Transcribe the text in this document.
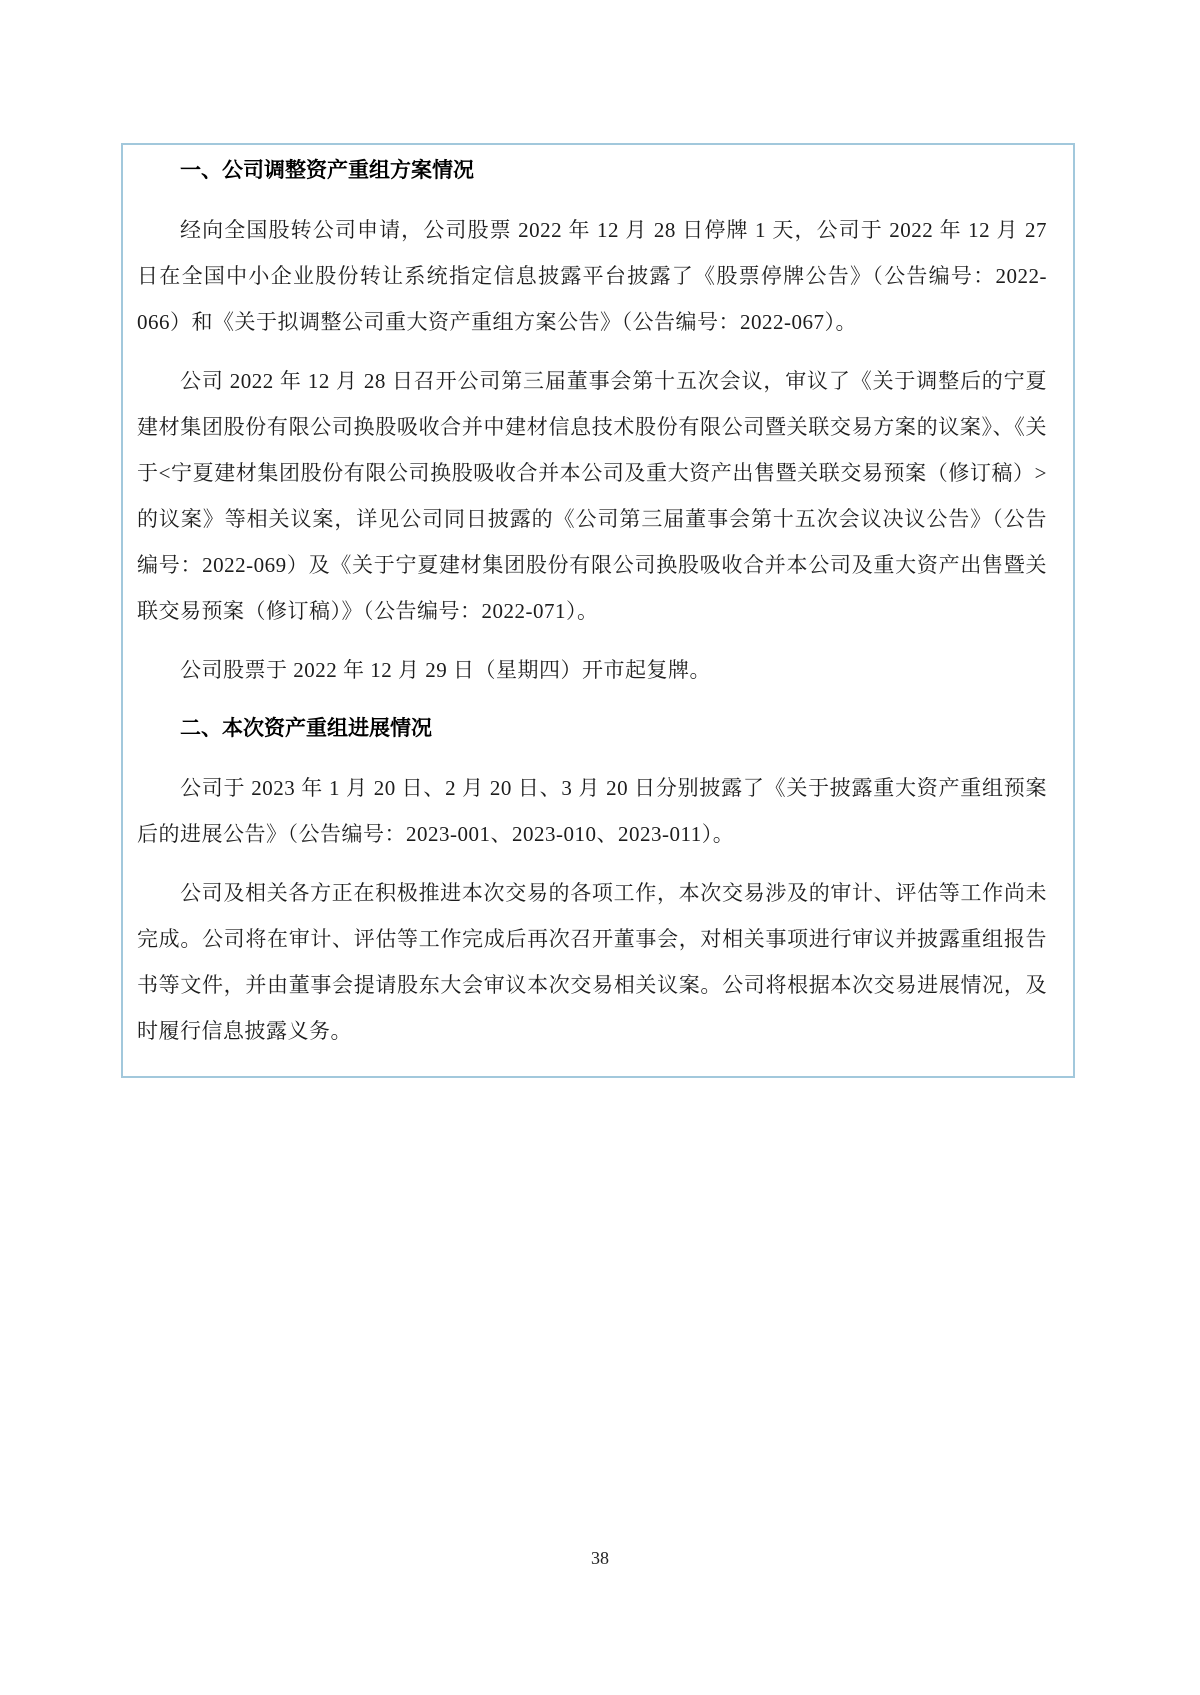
一、公司调整资产重组方案情况

经向全国股转公司申请，公司股票 2022 年 12 月 28 日停牌 1 天，公司于 2022 年 12 月 27 日在全国中小企业股份转让系统指定信息披露平台披露了《股票停牌公告》（公告编号：2022-066）和《关于拟调整公司重大资产重组方案公告》（公告编号：2022-067）。

公司 2022 年 12 月 28 日召开公司第三届董事会第十五次会议，审议了《关于调整后的宁夏建材集团股份有限公司换股吸收合并中建材信息技术股份有限公司暨关联交易方案的议案》、《关于<宁夏建材集团股份有限公司换股吸收合并本公司及重大资产出售暨关联交易预案（修订稿）>的议案》等相关议案，详见公司同日披露的《公司第三届董事会第十五次会议决议公告》（公告编号：2022-069）及《关于宁夏建材集团股份有限公司换股吸收合并本公司及重大资产出售暨关联交易预案（修订稿）》（公告编号：2022-071）。

公司股票于 2022 年 12 月 29 日（星期四）开市起复牌。

二、本次资产重组进展情况

公司于 2023 年 1 月 20 日、2 月 20 日、3 月 20 日分别披露了《关于披露重大资产重组预案后的进展公告》（公告编号：2023-001、2023-010、2023-011）。

公司及相关各方正在积极推进本次交易的各项工作，本次交易涉及的审计、评估等工作尚未完成。公司将在审计、评估等工作完成后再次召开董事会，对相关事项进行审议并披露重组报告书等文件，并由董事会提请股东大会审议本次交易相关议案。公司将根据本次交易进展情况，及时履行信息披露义务。

38
